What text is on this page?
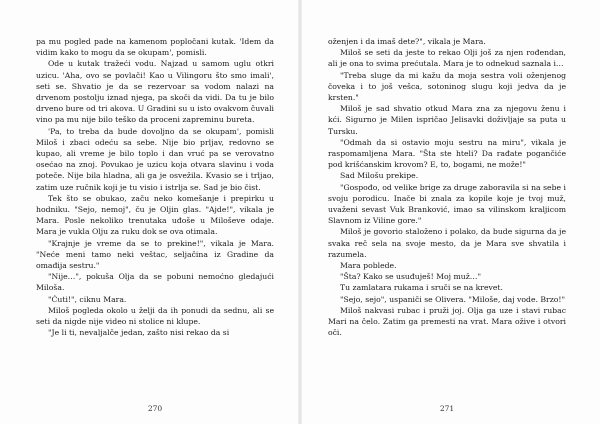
pa mu pogled pade na kamenom popločani kutak. 'Idem da vidim kako to mogu da se okupam', pomisli.

Ode u kutak tražeći vodu. Najzad u samom uglu otkri uzicu. 'Aha, ovo se povlači! Kao u Vilingoru što smo imali', seti se. Shvatio je da se rezervoar sa vodom nalazi na drvenom postolju iznad njega, pa skoči da vidi. Da tu je bilo drveno bure od tri akova. U Gradini su u isto ovakvom čuvali vino pa mu nije bilo teško da proceni zapreminu bureta.

'Pa, to treba da bude dovoljno da se okupam', pomisli Miloš i zbaci odeću sa sebe. Nije bio prljav, redovno se kupao, ali vreme je bilo toplo i dan vruć pa se verovatno osećao na znoj. Povukao je uzicu koja otvara slavinu i voda poteče. Nije bila hladna, ali ga je osvežila. Kvasio se i trljao, zatim uze ručnik koji je tu visio i istrlja se. Sad je bio čist.

Tek što se obukao, začu neko komešanje i prepirku u hodniku. "Sejo, nemoj", ču je Oljin glas. "Ajde!", vikala je Mara. Posle nekoliko trenutaka uđoše u Miloševe odaje. Mara je vukla Olju za ruku dok se ova otimala.

"Krajnje je vreme da se to prekine!", vikala je Mara. "Neće meni tamo neki veštac, seljačina iz Gradine da omađija sestru."

"Nije…", pokuša Olja da se pobuni nemoćno gledajući Miloša.

"Ćuti!", ciknu Mara.

Miloš pogleda okolo u želji da ih ponudi da sednu, ali se seti da nigde nije video ni stolice ni klupe.

"Je li ti, nevaljalče jedan, zašto nisi rekao da si

270

oženjen i da imaš dete?", vikala je Mara.

Miloš se seti da jeste to rekao Olji još za njen rođendan, ali je ona to svima prećutala. Mara je to odnekud saznala i…

"Treba sluge da mi kažu da moja sestra voli oženjenog čoveka i to još vešca, sotoninog slugu koji jedva da je krsten."

Miloš je sad shvatio otkud Mara zna za njegovu ženu i kći. Sigurno je Milen ispričao Jelisavki doživljaje sa puta u Tursku.

"Odmah da si ostavio moju sestru na miru", vikala je raspomamljena Mara. "Šta ste hteli? Da rađate pogančiće pod krišćanskim krovom? E, to, bogami, ne može!"

Sad Milošu prekipe.

"Gospođo, od velike brige za druge zaboravila si na sebe i svoju porodicu. Inače bi znala za kopile koje je tvoj muž, uvaženi sevast Vuk Branković, imao sa vilinskom kraljicom Slavnom iz Viline gore."

Miloš je govorio staloženo i polako, da bude sigurna da je svaka reč sela na svoje mesto, da je Mara sve shvatila i razumela.

Mara poblede.

"Šta? Kako se usuđuješ! Moj muž…"

Tu zamlatara rukama i sruči se na krevet.

"Sejo, sejo", uspaniči se Olivera. "Miloše, daj vode. Brzo!"

Miloš nakvasi rubac i pruži joj. Olja ga uze i stavi rubac Mari na čelo. Zatim ga premesti na vrat. Mara ožive i otvori oči.

271
